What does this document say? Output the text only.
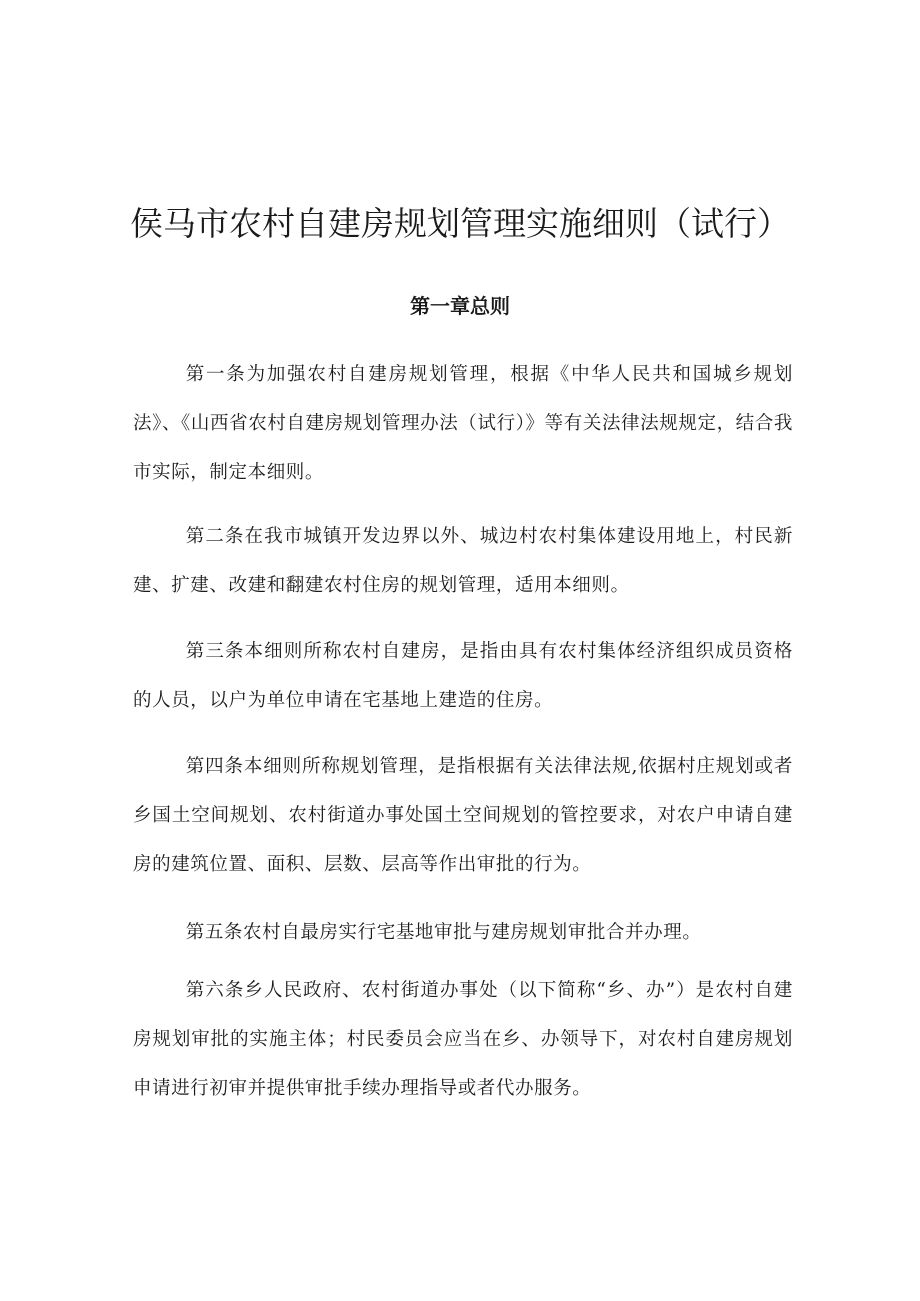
侯马市农村自建房规划管理实施细则（试行）
第一章总则

第一条为加强农村自建房规划管理，根据《中华人民共和国城乡规划法》、《山西省农村自建房规划管理办法（试行）》等有关法律法规规定，结合我市实际，制定本细则。

第二条在我市城镇开发边界以外、城边村农村集体建设用地上，村民新建、扩建、改建和翻建农村住房的规划管理，适用本细则。

第三条本细则所称农村自建房，是指由具有农村集体经济组织成员资格的人员，以户为单位申请在宅基地上建造的住房。

第四条本细则所称规划管理，是指根据有关法律法规,依据村庄规划或者乡国土空间规划、农村街道办事处国土空间规划的管控要求，对农户申请自建房的建筑位置、面积、层数、层高等作出审批的行为。

第五条农村自最房实行宅基地审批与建房规划审批合并办理。

第六条乡人民政府、农村街道办事处（以下简称“乡、办”）是农村自建房规划审批的实施主体；村民委员会应当在乡、办领导下，对农村自建房规划申请进行初审并提供审批手续办理指导或者代办服务。
